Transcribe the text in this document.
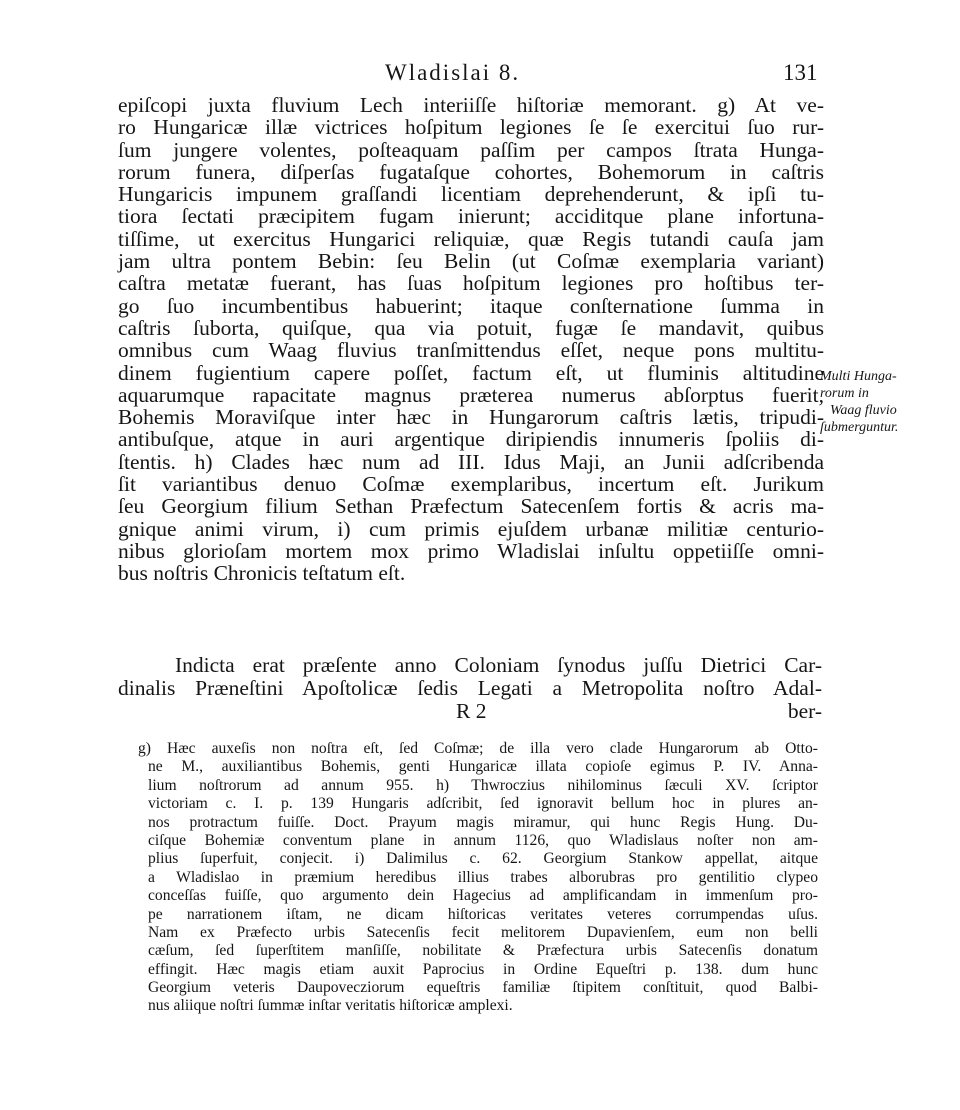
Wladislai 8.	131
epiſcopi juxta fluvium Lech interiiſſe hiſtoriæ memorant. g) At ve-
ro Hungaricæ illæ victrices hoſpitum legiones ſe ſe exercitui ſuo rur-
ſum jungere volentes, poſteaquam paſſim per campos ſtrata Hunga-
rorum funera, diſperſas fugataſque cohortes, Bohemorum in caſtris
Hungaricis impunem graſſandi licentiam deprehenderunt, & ipſi tu-
tiora ſectati præcipitem fugam inierunt; acciditque plane infortuna-
tiſſime, ut exercitus Hungarici reliquiæ, quæ Regis tutandi cauſa jam
jam ultra pontem Bebin: ſeu Belin (ut Coſmæ exemplaria variant)
caſtra metatæ fuerant, has ſuas hoſpitum legiones pro hoſtibus ter-
go ſuo incumbentibus habuerint; itaque conſternatione ſumma in
caſtris ſuborta, quiſque, qua via potuit, fugæ ſe mandavit, quibus
omnibus cum Waag fluvius tranſmittendus eſſet, neque pons multitu-
dinem fugientium capere poſſet, factum eſt, ut fluminis altitudine
aquarumque rapacitate magnus præterea numerus abſorptus fuerit,
Bohemis Moraviſque inter hæc in Hungarorum caſtris lætis, tripudi-
antibuſque, atque in auri argentique diripiendis innumeris ſpoliis di-
ſtentis. h) Clades hæc num ad III. Idus Maji, an Junii adſcribenda
ſit variantibus denuo Coſmæ exemplaribus, incertum eſt. Jurikum
ſeu Georgium filium Sethan Præfectum Satecenſem fortis & acris ma-
gnique animi virum, i) cum primis ejuſdem urbanæ militiæ centurio-
nibus glorioſam mortem mox primo Wladislai inſultu oppetiiſſe omni-
bus noſtris Chronicis teſtatum eſt.
Multi Hunga-
rorum in
Waag fluvio
ſubmerguntur.
Indicta erat præſente anno Coloniam ſynodus juſſu Dietrici Car-
dinalis Præneſtini Apoſtolicæ ſedis Legati a Metropolita noſtro Adal-
R 2	ber-
g) Hæc auxeſis non noſtra eſt, ſed Coſmæ; de illa vero clade Hungarorum ab Otto-
ne M., auxiliantibus Bohemis, genti Hungaricæ illata copioſe egimus P. IV. Anna-
lium noſtrorum ad annum 955. h) Thwroczius nihilominus ſæculi XV. ſcriptor
victoriam c. I. p. 139 Hungaris adſcribit, ſed ignoravit bellum hoc in plures an-
nos protractum fuiſſe. Doct. Prayum magis miramur, qui hunc Regis Hung. Du-
ciſque Bohemiæ conventum plane in annum 1126, quo Wladislaus noſter non am-
plius ſuperfuit, conjecit. i) Dalimilus c. 62. Georgium Stankow appellat, aitque
a Wladislao in præmium heredibus illius trabes alborubras pro gentilitio clypeo
conceſſas fuiſſe, quo argumento dein Hagecius ad amplificandam in immenſum pro-
pe narrationem iſtam, ne dicam hiſtoricas veritates veteres corrumpendas uſus.
Nam ex Præfecto urbis Satecenſis fecit melitorem Dupavienſem, eum non belli
cæſum, ſed ſuperſtitem manſiſſe, nobilitate & Præfectura urbis Satecenſis donatum
effingit. Hæc magis etiam auxit Paprocius in Ordine Equeſtri p. 138. dum hunc
Georgium veteris Daupovecziorum equeſtris familiæ ſtipitem conſtituit, quod Balbi-
nus aliique noſtri ſummæ inſtar veritatis hiſtoricæ amplexi.
